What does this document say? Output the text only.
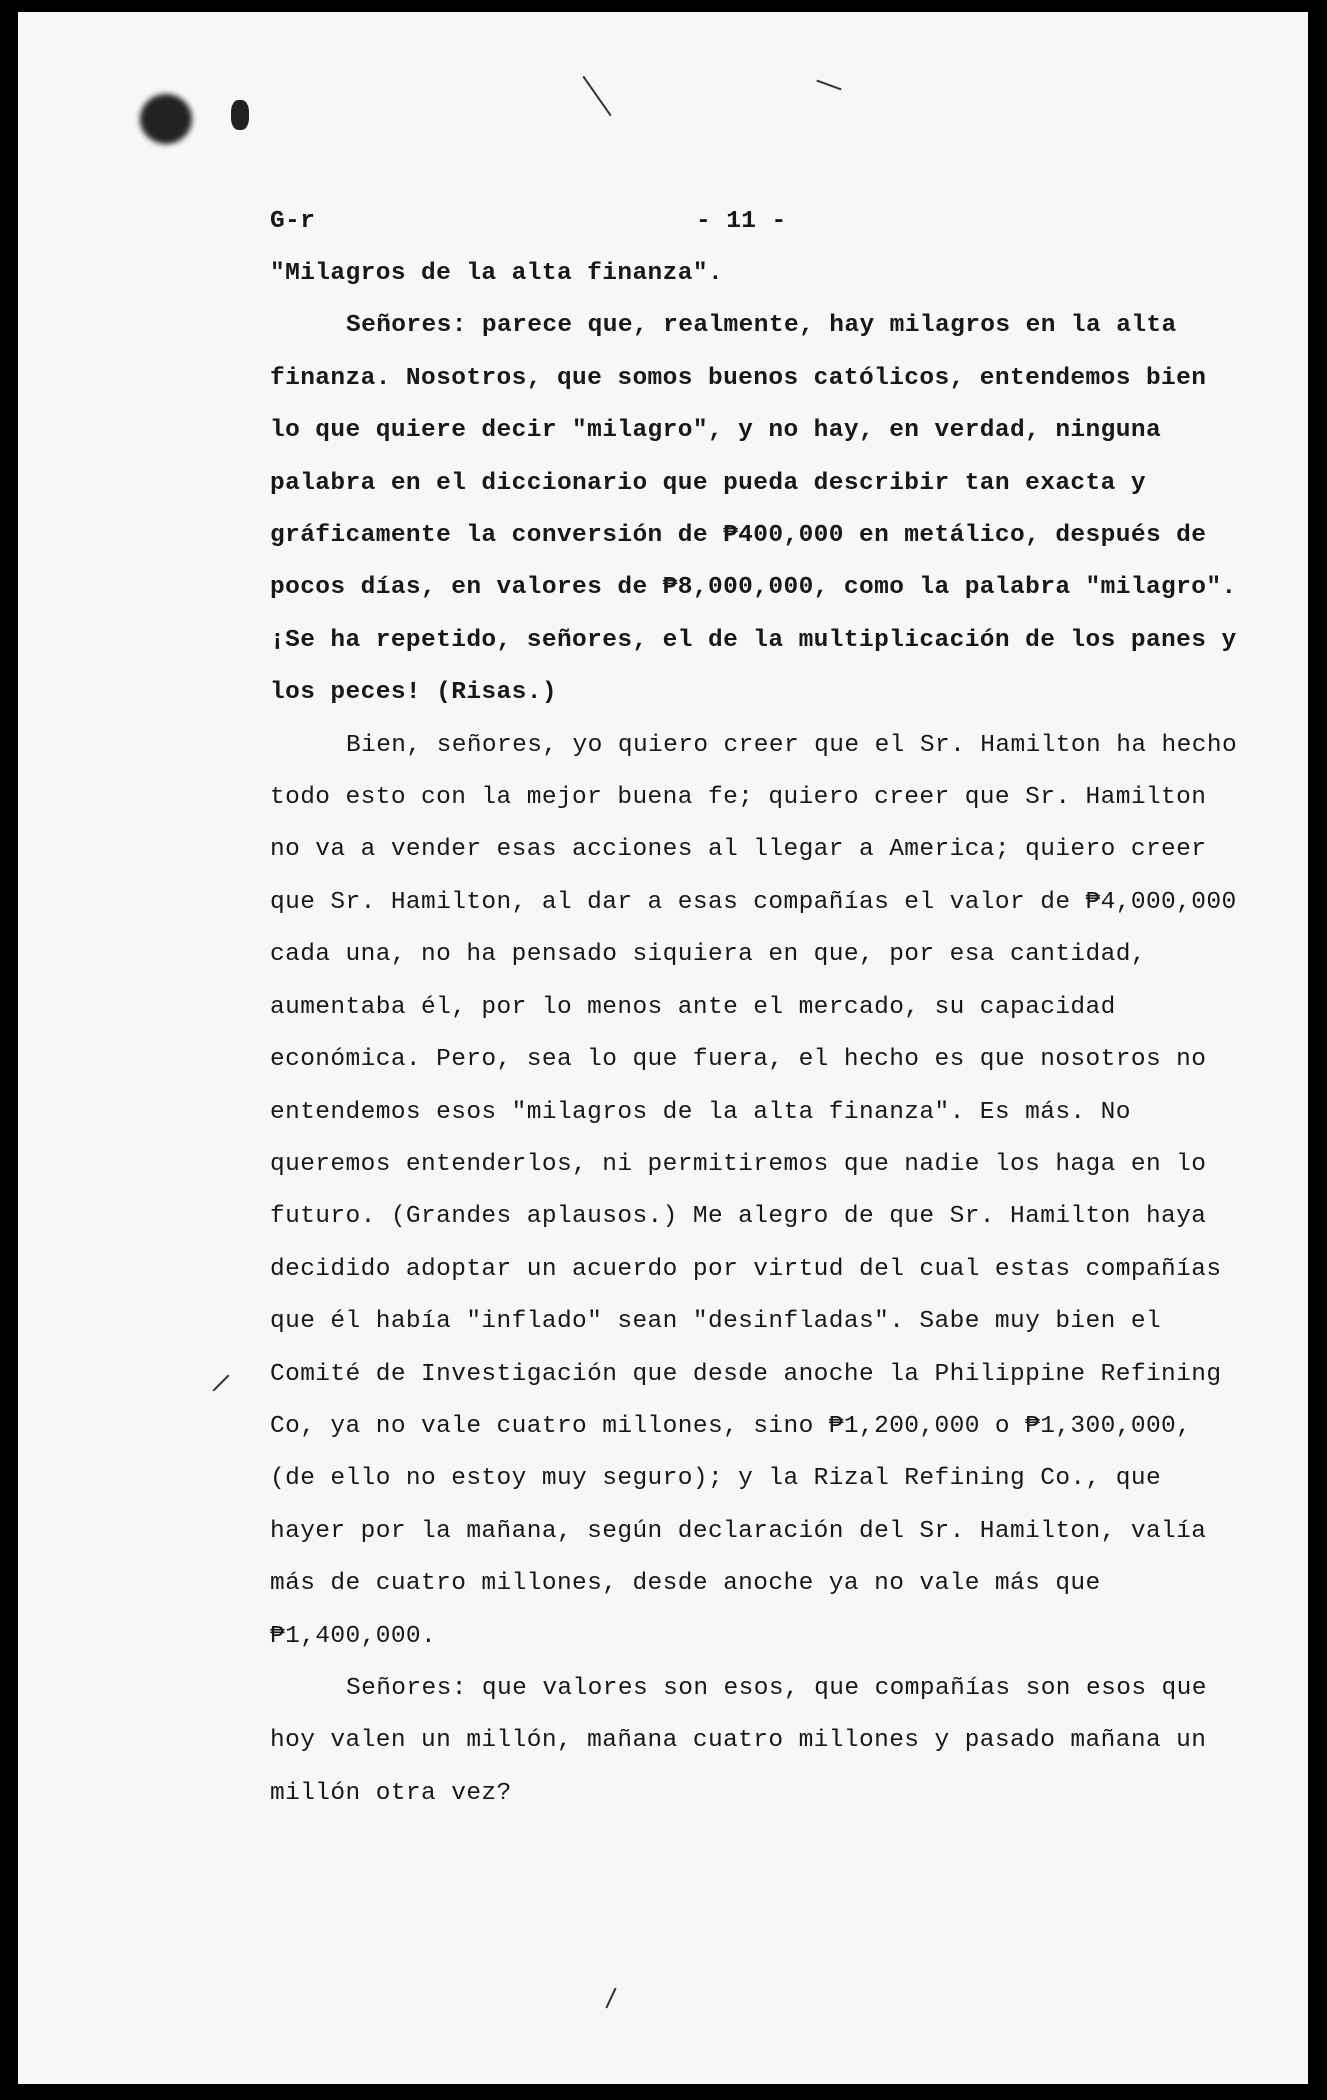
G-r	- 11 -
"Milagros de la alta finanza".

Señores: parece que, realmente, hay milagros en la alta finanza. Nosotros, que somos buenos católicos, entendemos bien lo que quiere decir "milagro", y no hay, en verdad, ninguna palabra en el diccionario que pueda describir tan exacta y gráficamente la conversión de ₱400,000 en metálico, después de pocos días, en valores de ₱8,000,000, como la palabra "milagro". ¡Se ha repetido, señores, el de la multiplicación de los panes y los peces! (Risas.)

Bien, señores, yo quiero creer que el Sr. Hamilton ha hecho todo esto con la mejor buena fe; quiero creer que Sr. Hamilton no va a vender esas acciones al llegar a America; quiero creer que Sr. Hamilton, al dar a esas compañías el valor de ₱4,000,000 cada una, no ha pensado siquiera en que, por esa cantidad, aumentaba él, por lo menos ante el mercado, su capacidad económica. Pero, sea lo que fuera, el hecho es que nosotros no entendemos esos "milagros de la alta finanza". Es más. No queremos entenderlos, ni permitiremos que nadie los haga en lo futuro. (Grandes aplausos.) Me alegro de que Sr. Hamilton haya decidido adoptar un acuerdo por virtud del cual estas compañías que él había "inflado" sean "desinfladas". Sabe muy bien el Comité de Investigación que desde anoche la Philippine Refining Co, ya no vale cuatro millones, sino ₱1,200,000 o ₱1,300,000, (de ello no estoy muy seguro); y la Rizal Refining Co., que hayer por la mañana, según declaración del Sr. Hamilton, valía más de cuatro millones, desde anoche ya no vale más que ₱1,400,000.

Señores: que valores son esos, que compañías son esos que hoy valen un millón, mañana cuatro millones y pasado mañana un millón otra vez?
